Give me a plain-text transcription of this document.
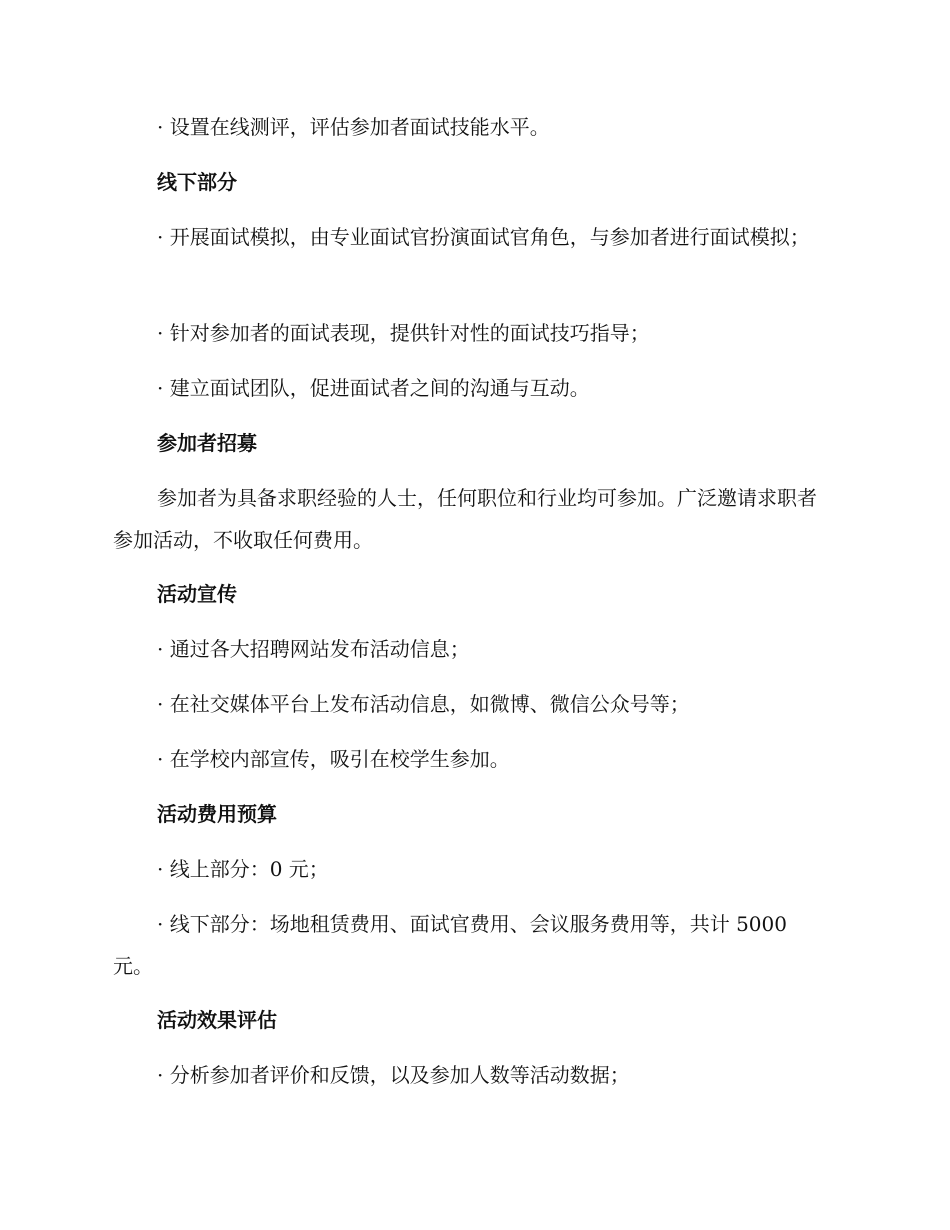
· 设置在线测评，评估参加者面试技能水平。

线下部分

· 开展面试模拟，由专业面试官扮演面试官角色，与参加者进行面试模拟；

· 针对参加者的面试表现，提供针对性的面试技巧指导；

· 建立面试团队，促进面试者之间的沟通与互动。

参加者招募

参加者为具备求职经验的人士，任何职位和行业均可参加。广泛邀请求职者参加活动，不收取任何费用。

活动宣传

· 通过各大招聘网站发布活动信息；

· 在社交媒体平台上发布活动信息，如微博、微信公众号等；

· 在学校内部宣传，吸引在校学生参加。

活动费用预算

· 线上部分：0 元；

· 线下部分：场地租赁费用、面试官费用、会议服务费用等，共计 5000 元。

活动效果评估

· 分析参加者评价和反馈，以及参加人数等活动数据；
